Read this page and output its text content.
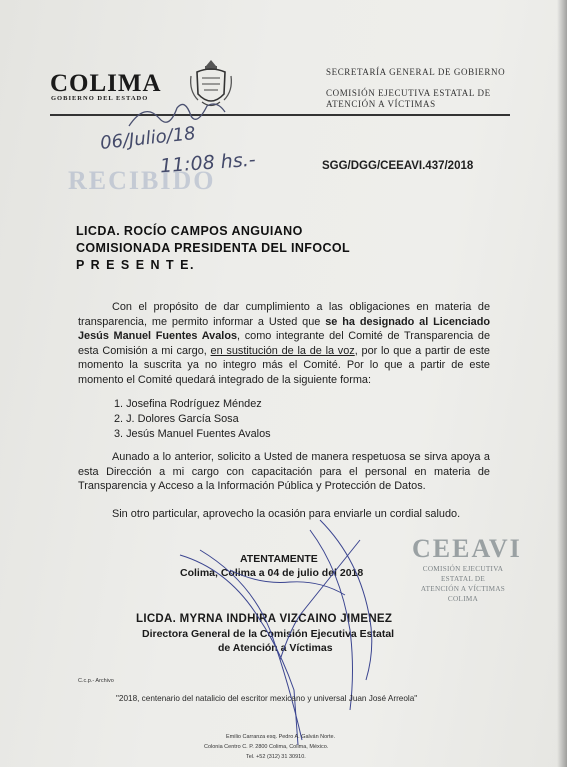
COLIMA
GOBIERNO DEL ESTADO
SECRETARÍA GENERAL DE GOBIERNO
COMISIÓN EJECUTIVA ESTATAL DE
ATENCIÓN A VÍCTIMAS
RECIBIDO
06/Julio/18
11:08 hs.-	SGG/DGG/CEEAVI.437/2018
LICDA. ROCÍO CAMPOS ANGUIANO
COMISIONADA PRESIDENTA DEL INFOCOL
P R E S E N T E.
Con el propósito de dar cumplimiento a las obligaciones en materia de transparencia, me permito informar a Usted que se ha designado al Licenciado Jesús Manuel Fuentes Avalos, como integrante del Comité de Transparencia de esta Comisión a mi cargo, en sustitución de la de la voz, por lo que a partir de este momento la suscrita ya no integro más el Comité. Por lo que a partir de este momento el Comité quedará integrado de la siguiente forma:
1. Josefina Rodríguez Méndez
2. J. Dolores García Sosa
3. Jesús Manuel Fuentes Avalos
Aunado a lo anterior, solicito a Usted de manera respetuosa se sirva apoya a esta Dirección a mi cargo con capacitación para el personal en materia de Transparencia y Acceso a la Información Pública y Protección de Datos.
Sin otro particular, aprovecho la ocasión para enviarle un cordial saludo.
ATENTAMENTE
Colima, Colima a 04 de julio del 2018
LICDA. MYRNA INDHIRA VIZCAINO JIMENEZ
Directora General de la Comisión Ejecutiva Estatal
de Atención a Víctimas
CEEAVI
COMISIÓN EJECUTIVA
ESTATAL DE
ATENCIÓN A VÍCTIMAS
COLIMA
C.c.p.- Archivo
"2018, centenario del natalicio del escritor mexicano y universal Juan José Arreola"
Emilio Carranza esq. Pedro A. Galván Norte.
Colonia Centro C. P. 2800 Colima, Colima, México.
Tel. +52 (312) 31 30910.
